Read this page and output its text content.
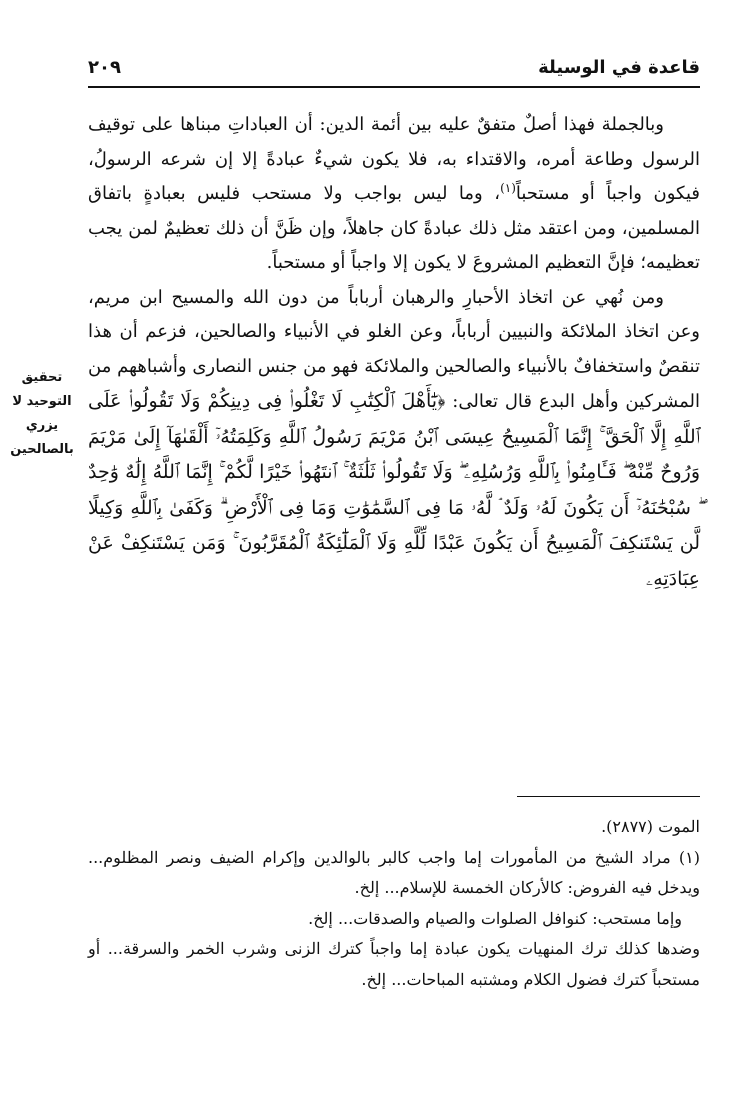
٢٠٩	قاعدة في الوسيلة
تحقيق
التوحيد لا
يزري
بالصالحين

وبالجملة فهذا أصلٌ متفقٌ عليه بين أئمة الدين: أن العباداتِ مبناها على توقيف الرسول وطاعة أمره، والاقتداء به، فلا يكون شيءٌ عبادةً إلا إن شرعه الرسولُ، فيكون واجباً أو مستحباً$^{(١)}$، وما ليس بواجب ولا مستحب فليس بعبادةٍ باتفاق المسلمين، ومن اعتقد مثل ذلك عبادةً كان جاهلاً، وإن ظَنَّ أن ذلك تعظيمٌ لمن يجب تعظيمه؛ فإنَّ التعظيم المشروعَ لا يكون إلا واجباً أو مستحباً.

ومن نُهي عن اتخاذ الأحبارِ والرهبان أرباباً من دون الله والمسيح ابن مريم، وعن اتخاذ الملائكة والنبيين أرباباً، وعن الغلو في الأنبياء والصالحين، فزعم أن هذا تنقصٌ واستخفافٌ بالأنبياء والصالحين والملائكة فهو من جنس النصارى وأشباههم من المشركين وأهل البدع قال تعالى: ﴿يَٰٓأَهْلَ ٱلْكِتَٰبِ لَا تَغْلُوا۟ فِى دِينِكُمْ وَلَا تَقُولُوا۟ عَلَى ٱللَّهِ إِلَّا ٱلْحَقَّ ۚ إِنَّمَا ٱلْمَسِيحُ عِيسَى ٱبْنُ مَرْيَمَ رَسُولُ ٱللَّهِ وَكَلِمَتُهُۥٓ أَلْقَىٰهَآ إِلَىٰ مَرْيَمَ وَرُوحٌ مِّنْهُ ۖ فَـَٔامِنُوا۟ بِٱللَّهِ وَرُسُلِهِۦ ۖ وَلَا تَقُولُوا۟ ثَلَٰثَةٌ ۚ ٱنتَهُوا۟ خَيْرًا لَّكُمْ ۚ إِنَّمَا ٱللَّهُ إِلَٰهٌ وَٰحِدٌ ۖ سُبْحَٰنَهُۥٓ أَن يَكُونَ لَهُۥ وَلَدٌ ۘ لَّهُۥ مَا فِى ٱلسَّمَٰوَٰتِ وَمَا فِى ٱلْأَرْضِ ۗ وَكَفَىٰ بِٱللَّهِ وَكِيلًا لَّن يَسْتَنكِفَ ٱلْمَسِيحُ أَن يَكُونَ عَبْدًا لِّلَّهِ وَلَا ٱلْمَلَٰٓئِكَةُ ٱلْمُقَرَّبُونَ ۚ وَمَن يَسْتَنكِفْ عَنْ عِبَادَتِهِۦ

الموت (٢٨٧٧).

(١) مراد الشيخ من المأمورات إما واجب كالبر بالوالدين وإكرام الضيف ونصر المظلوم... ويدخل فيه الفروض: كالأركان الخمسة للإسلام... إلخ.

وإما مستحب: كنوافل الصلوات والصيام والصدقات... إلخ.

وضدها كذلك ترك المنهيات يكون عبادة إما واجباً كترك الزنى وشرب الخمر والسرقة... أو مستحباً كترك فضول الكلام ومشتبه المباحات... إلخ.
